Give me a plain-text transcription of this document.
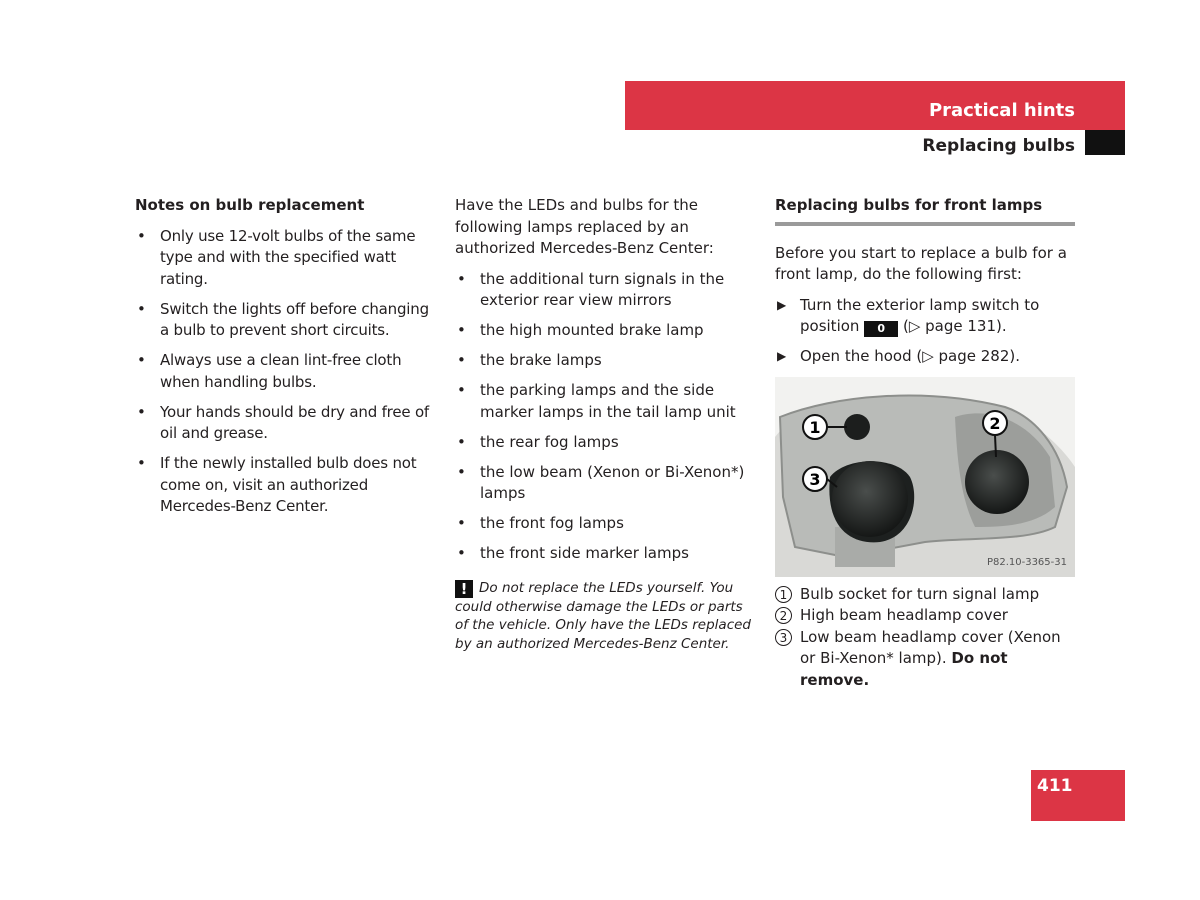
Practical hints
Replacing bulbs
Notes on bulb replacement
• Only use 12-volt bulbs of the same type and with the specified watt rating.
• Switch the lights off before changing a bulb to prevent short circuits.
• Always use a clean lint-free cloth when handling bulbs.
• Your hands should be dry and free of oil and grease.
• If the newly installed bulb does not come on, visit an authorized Mercedes-Benz Center.
Have the LEDs and bulbs for the following lamps replaced by an authorized Mercedes-Benz Center:
• the additional turn signals in the exterior rear view mirrors
• the high mounted brake lamp
• the brake lamps
• the parking lamps and the side marker lamps in the tail lamp unit
• the rear fog lamps
• the low beam (Xenon or Bi-Xenon*) lamps
• the front fog lamps
• the front side marker lamps
! Do not replace the LEDs yourself. You could otherwise damage the LEDs or parts of the vehicle. Only have the LEDs replaced by an authorized Mercedes-Benz Center.
Replacing bulbs for front lamps
Before you start to replace a bulb for a front lamp, do the following first:
▶ Turn the exterior lamp switch to position 0 (▷ page 131).
▶ Open the hood (▷ page 282).
1	2
3
P82.10-3365-31
1 Bulb socket for turn signal lamp
2 High beam headlamp cover
3 Low beam headlamp cover (Xenon or Bi-Xenon* lamp). Do not remove.
411
